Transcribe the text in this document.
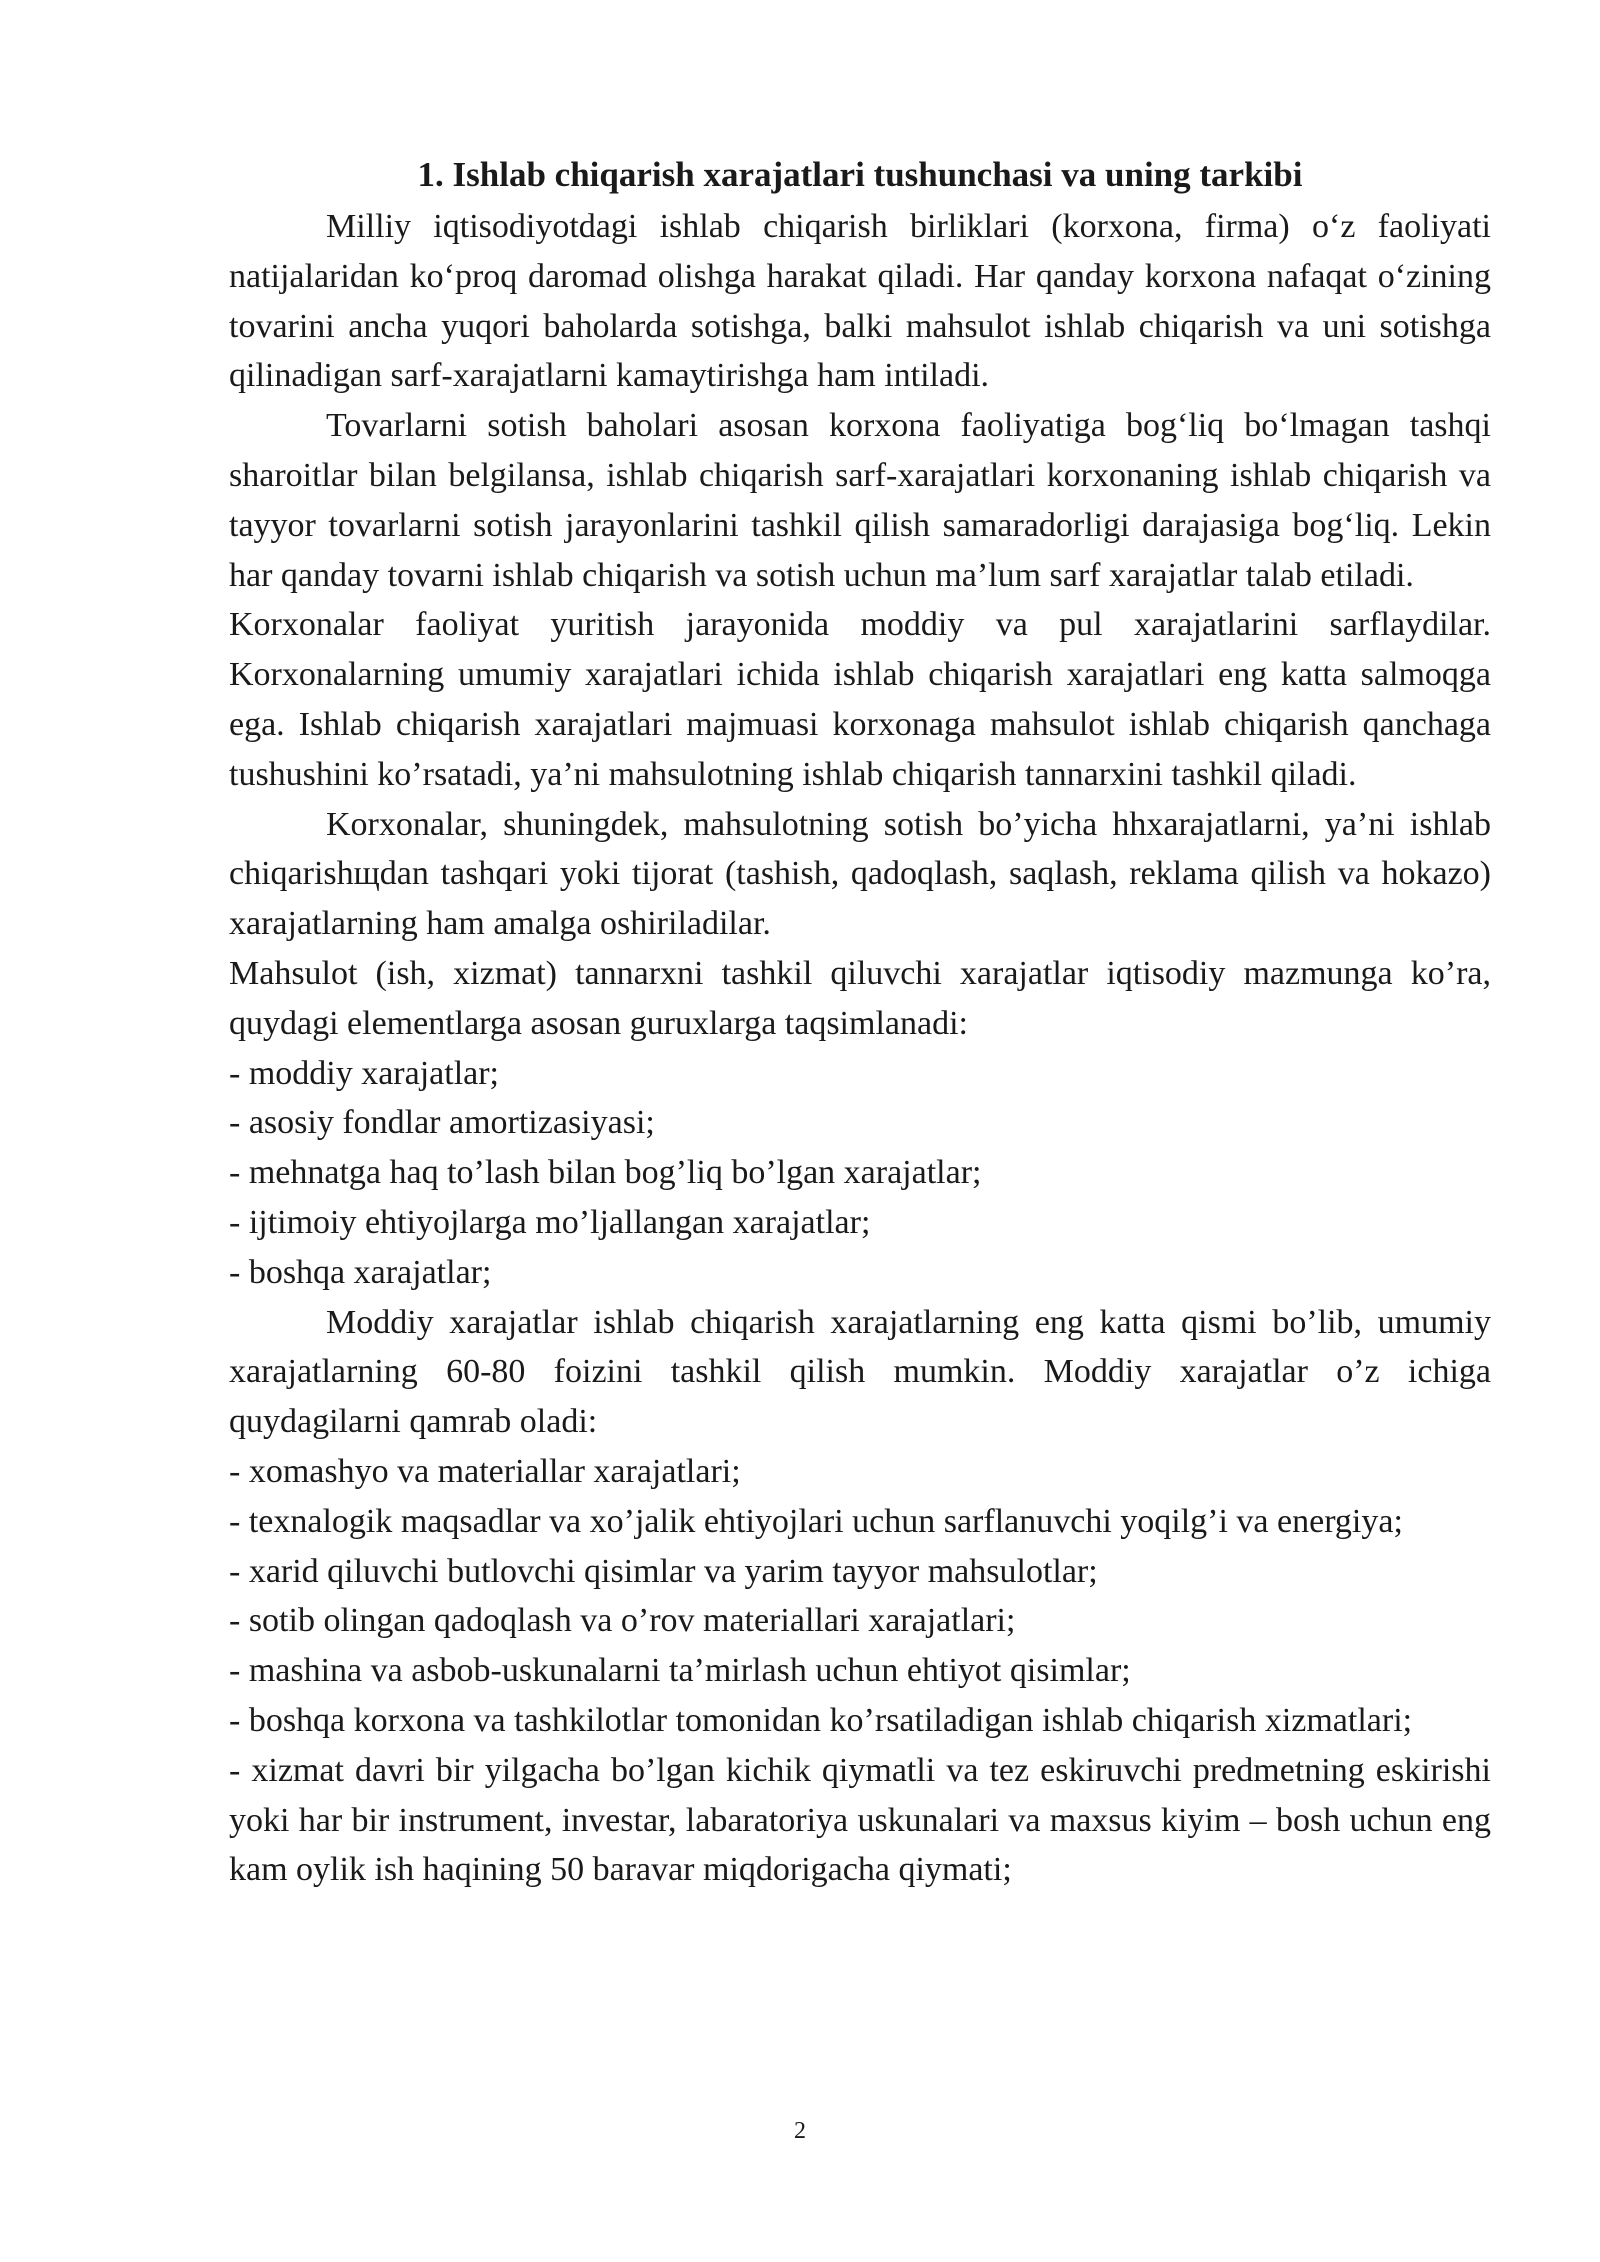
1. Ishlab chiqarish xarajatlari tushunchasi va uning tarkibi

Milliy iqtisodiyotdagi ishlab chiqarish birliklari (korxona, firma) o‘z faoliyati natijalaridan ko‘proq daromad olishga harakat qiladi. Har qanday korxona nafaqat o‘zining tovarini ancha yuqori baholarda sotishga, balki mahsulot ishlab chiqarish va uni sotishga qilinadigan sarf-xarajatlarni kamaytirishga ham intiladi.

Tovarlarni sotish baholari asosan korxona faoliyatiga bog‘liq bo‘lmagan tashqi sharoitlar bilan belgilansa, ishlab chiqarish sarf-xarajatlari korxonaning ishlab chiqarish va tayyor tovarlarni sotish jarayonlarini tashkil qilish samaradorligi darajasiga bog‘liq. Lekin har qanday tovarni ishlab chiqarish va sotish uchun ma’lum sarf xarajatlar talab etiladi.

Korxonalar faoliyat yuritish jarayonida moddiy va pul xarajatlarini sarflaydilar. Korxonalarning umumiy xarajatlari ichida ishlab chiqarish xarajatlari eng katta salmoqga ega. Ishlab chiqarish xarajatlari majmuasi korxonaga mahsulot ishlab chiqarish qanchaga tushushini ko’rsatadi, ya’ni mahsulotning ishlab chiqarish tannarxini tashkil qiladi.

Korxonalar, shuningdek, mahsulotning sotish bo’yicha hhxarajatlarni, ya’ni ishlab chiqarishщdan tashqari yoki tijorat (tashish, qadoqlash, saqlash, reklama qilish va hokazo) xarajatlarning ham amalga oshiriladilar.

Mahsulot (ish, xizmat) tannarxni tashkil qiluvchi xarajatlar iqtisodiy mazmunga ko’ra, quydagi elementlarga asosan guruxlarga taqsimlanadi:

- moddiy xarajatlar;

- asosiy fondlar amortizasiyasi;

- mehnatga haq to’lash bilan bog’liq bo’lgan xarajatlar;

- ijtimoiy ehtiyojlarga mo’ljallangan xarajatlar;

- boshqa xarajatlar;

Moddiy xarajatlar ishlab chiqarish xarajatlarning eng katta qismi bo’lib, umumiy xarajatlarning 60-80 foizini tashkil qilish mumkin. Moddiy xarajatlar o’z ichiga quydagilarni qamrab oladi:

- xomashyo va materiallar xarajatlari;

- texnalogik maqsadlar va xo’jalik ehtiyojlari uchun sarflanuvchi yoqilg’i va energiya;

- xarid qiluvchi butlovchi qisimlar va yarim tayyor mahsulotlar;

- sotib olingan qadoqlash va o’rov materiallari xarajatlari;

- mashina va asbob-uskunalarni ta’mirlash uchun ehtiyot qisimlar;

- boshqa korxona va tashkilotlar tomonidan ko’rsatiladigan ishlab chiqarish xizmatlari;

- xizmat davri bir yilgacha bo’lgan kichik qiymatli va tez eskiruvchi predmetning eskirishi yoki har bir instrument, investar, labaratoriya uskunalari va maxsus kiyim – bosh uchun eng kam oylik ish haqining 50 baravar miqdorigacha qiymati;

2
